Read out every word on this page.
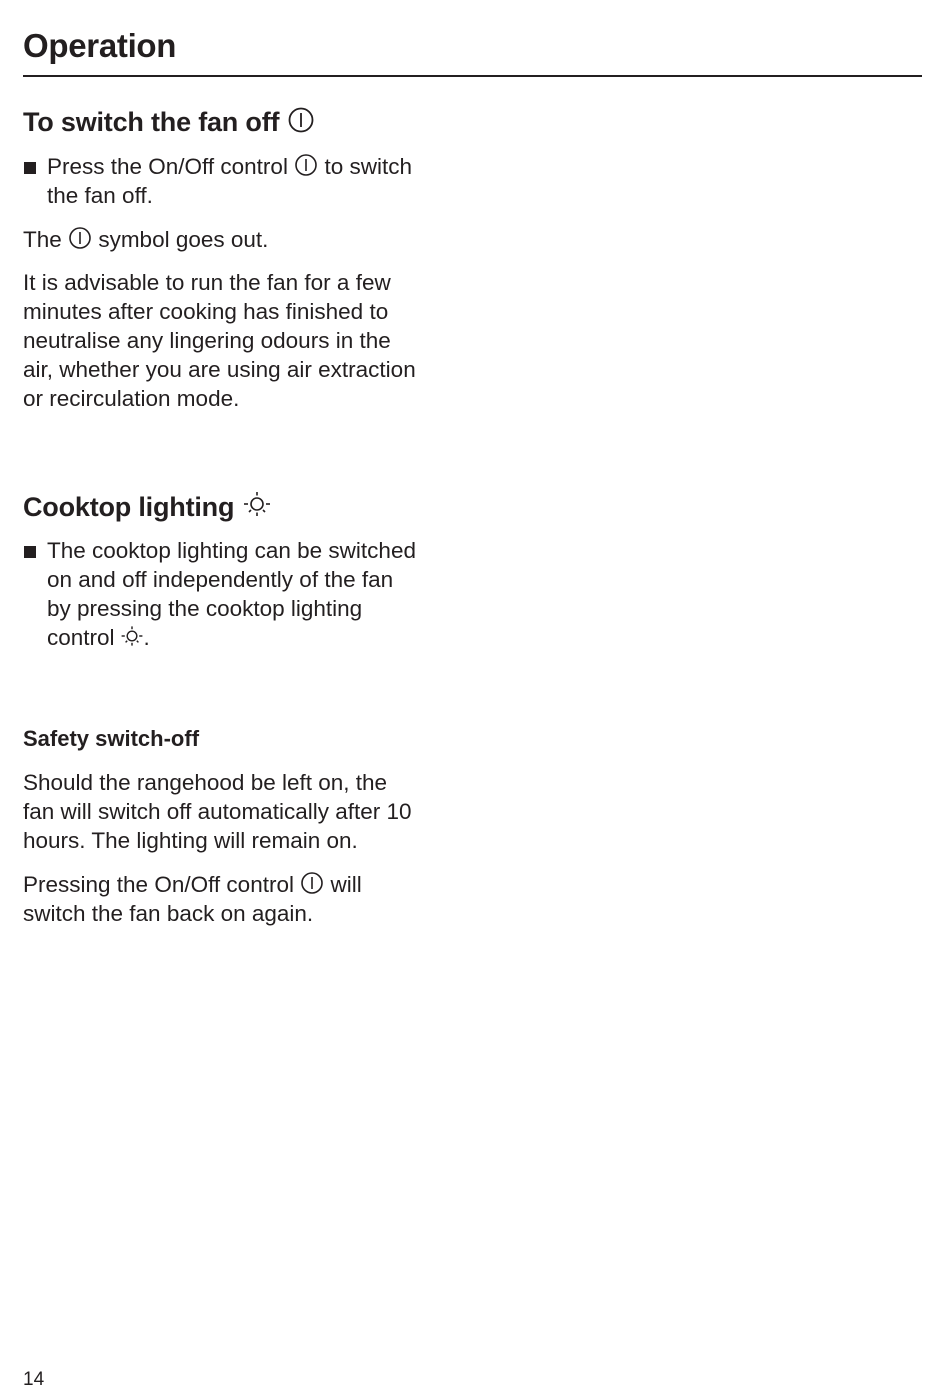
Operation
To switch the fan off
Press the On/Off control to switch
the fan off.
The symbol goes out.
It is advisable to run the fan for a few
minutes after cooking has finished to
neutralise any lingering odours in the
air, whether you are using air extraction
or recirculation mode.
Cooktop lighting
The cooktop lighting can be switched
on and off independently of the fan
by pressing the cooktop lighting
control .
Safety switch-off
Should the rangehood be left on, the
fan will switch off automatically after 10
hours. The lighting will remain on.
Pressing the On/Off control will
switch the fan back on again.
14
